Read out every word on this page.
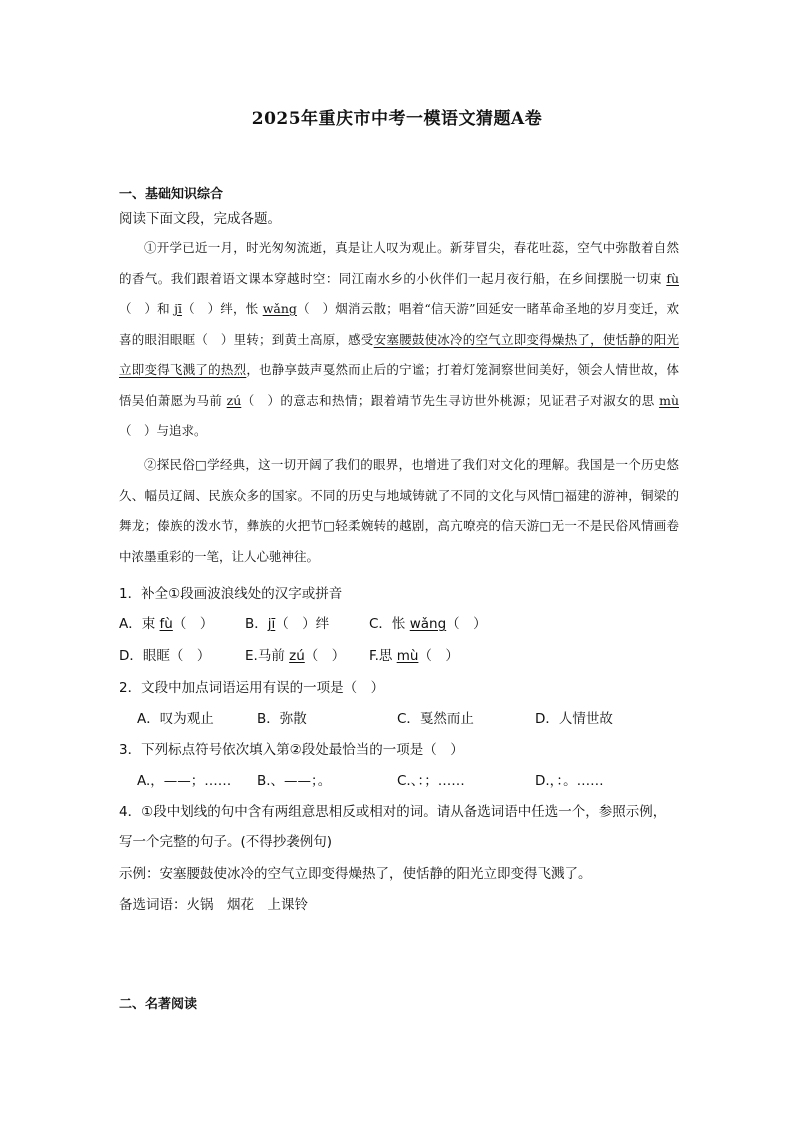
2025年重庆市中考一模语文猜题A卷
一、基础知识综合
阅读下面文段，完成各题。

①开学已近一月，时光匆匆流逝，真是让人叹为观止。新芽冒尖，春花吐蕊，空气中弥散着自然的香气。我们跟着语文课本穿越时空：同江南水乡的小伙伴们一起月夜行船，在乡间摆脱一切束 fù（　）和 jī（　）绊，怅 wǎng（　）烟消云散；唱着“信天游”回延安一睹革命圣地的岁月变迁，欢喜的眼泪眼眶（　）里转；到黄土高原，感受安塞腰鼓使冰冷的空气立即变得燥热了，使恬静的阳光立即变得飞溅了的热烈，也静享鼓声戛然而止后的宁谧；打着灯笼洞察世间美好，领会人情世故，体悟吴伯萧愿为马前 zú（　）的意志和热情；跟着靖节先生寻访世外桃源；见证君子对淑女的思 mù（　）与追求。

②探民俗□学经典，这一切开阔了我们的眼界，也增进了我们对文化的理解。我国是一个历史悠久、幅员辽阔、民族众多的国家。不同的历史与地域铸就了不同的文化与风情□福建的游神，铜梁的舞龙；傣族的泼水节，彝族的火把节□轻柔婉转的越剧，高亢嘹亮的信天游□无一不是民俗风情画卷中浓墨重彩的一笔，让人心驰神往。

1．补全①段画波浪线处的汉字或拼音
A．束 fù（　） B．jī（　）绊	C．怅 wǎng（　）
D．眼眶（　）	E.马前 zú（　） F.思 mù（　）
2．文段中加点词语运用有误的一项是（　）
A．叹为观止	B．弥散	C．戛然而止	D．人情世故
3．下列标点符号依次填入第②段处最恰当的一项是（　）
A.，——；…… B.、——；。	C.、：；……	D.，：。……
4．①段中划线的句中含有两组意思相反或相对的词。请从备选词语中任选一个，参照示例，
写一个完整的句子。(不得抄袭例句)
示例：安塞腰鼓使冰冷的空气立即变得燥热了，使恬静的阳光立即变得飞溅了。
备选词语：火锅　烟花　上课铃
二、名著阅读
